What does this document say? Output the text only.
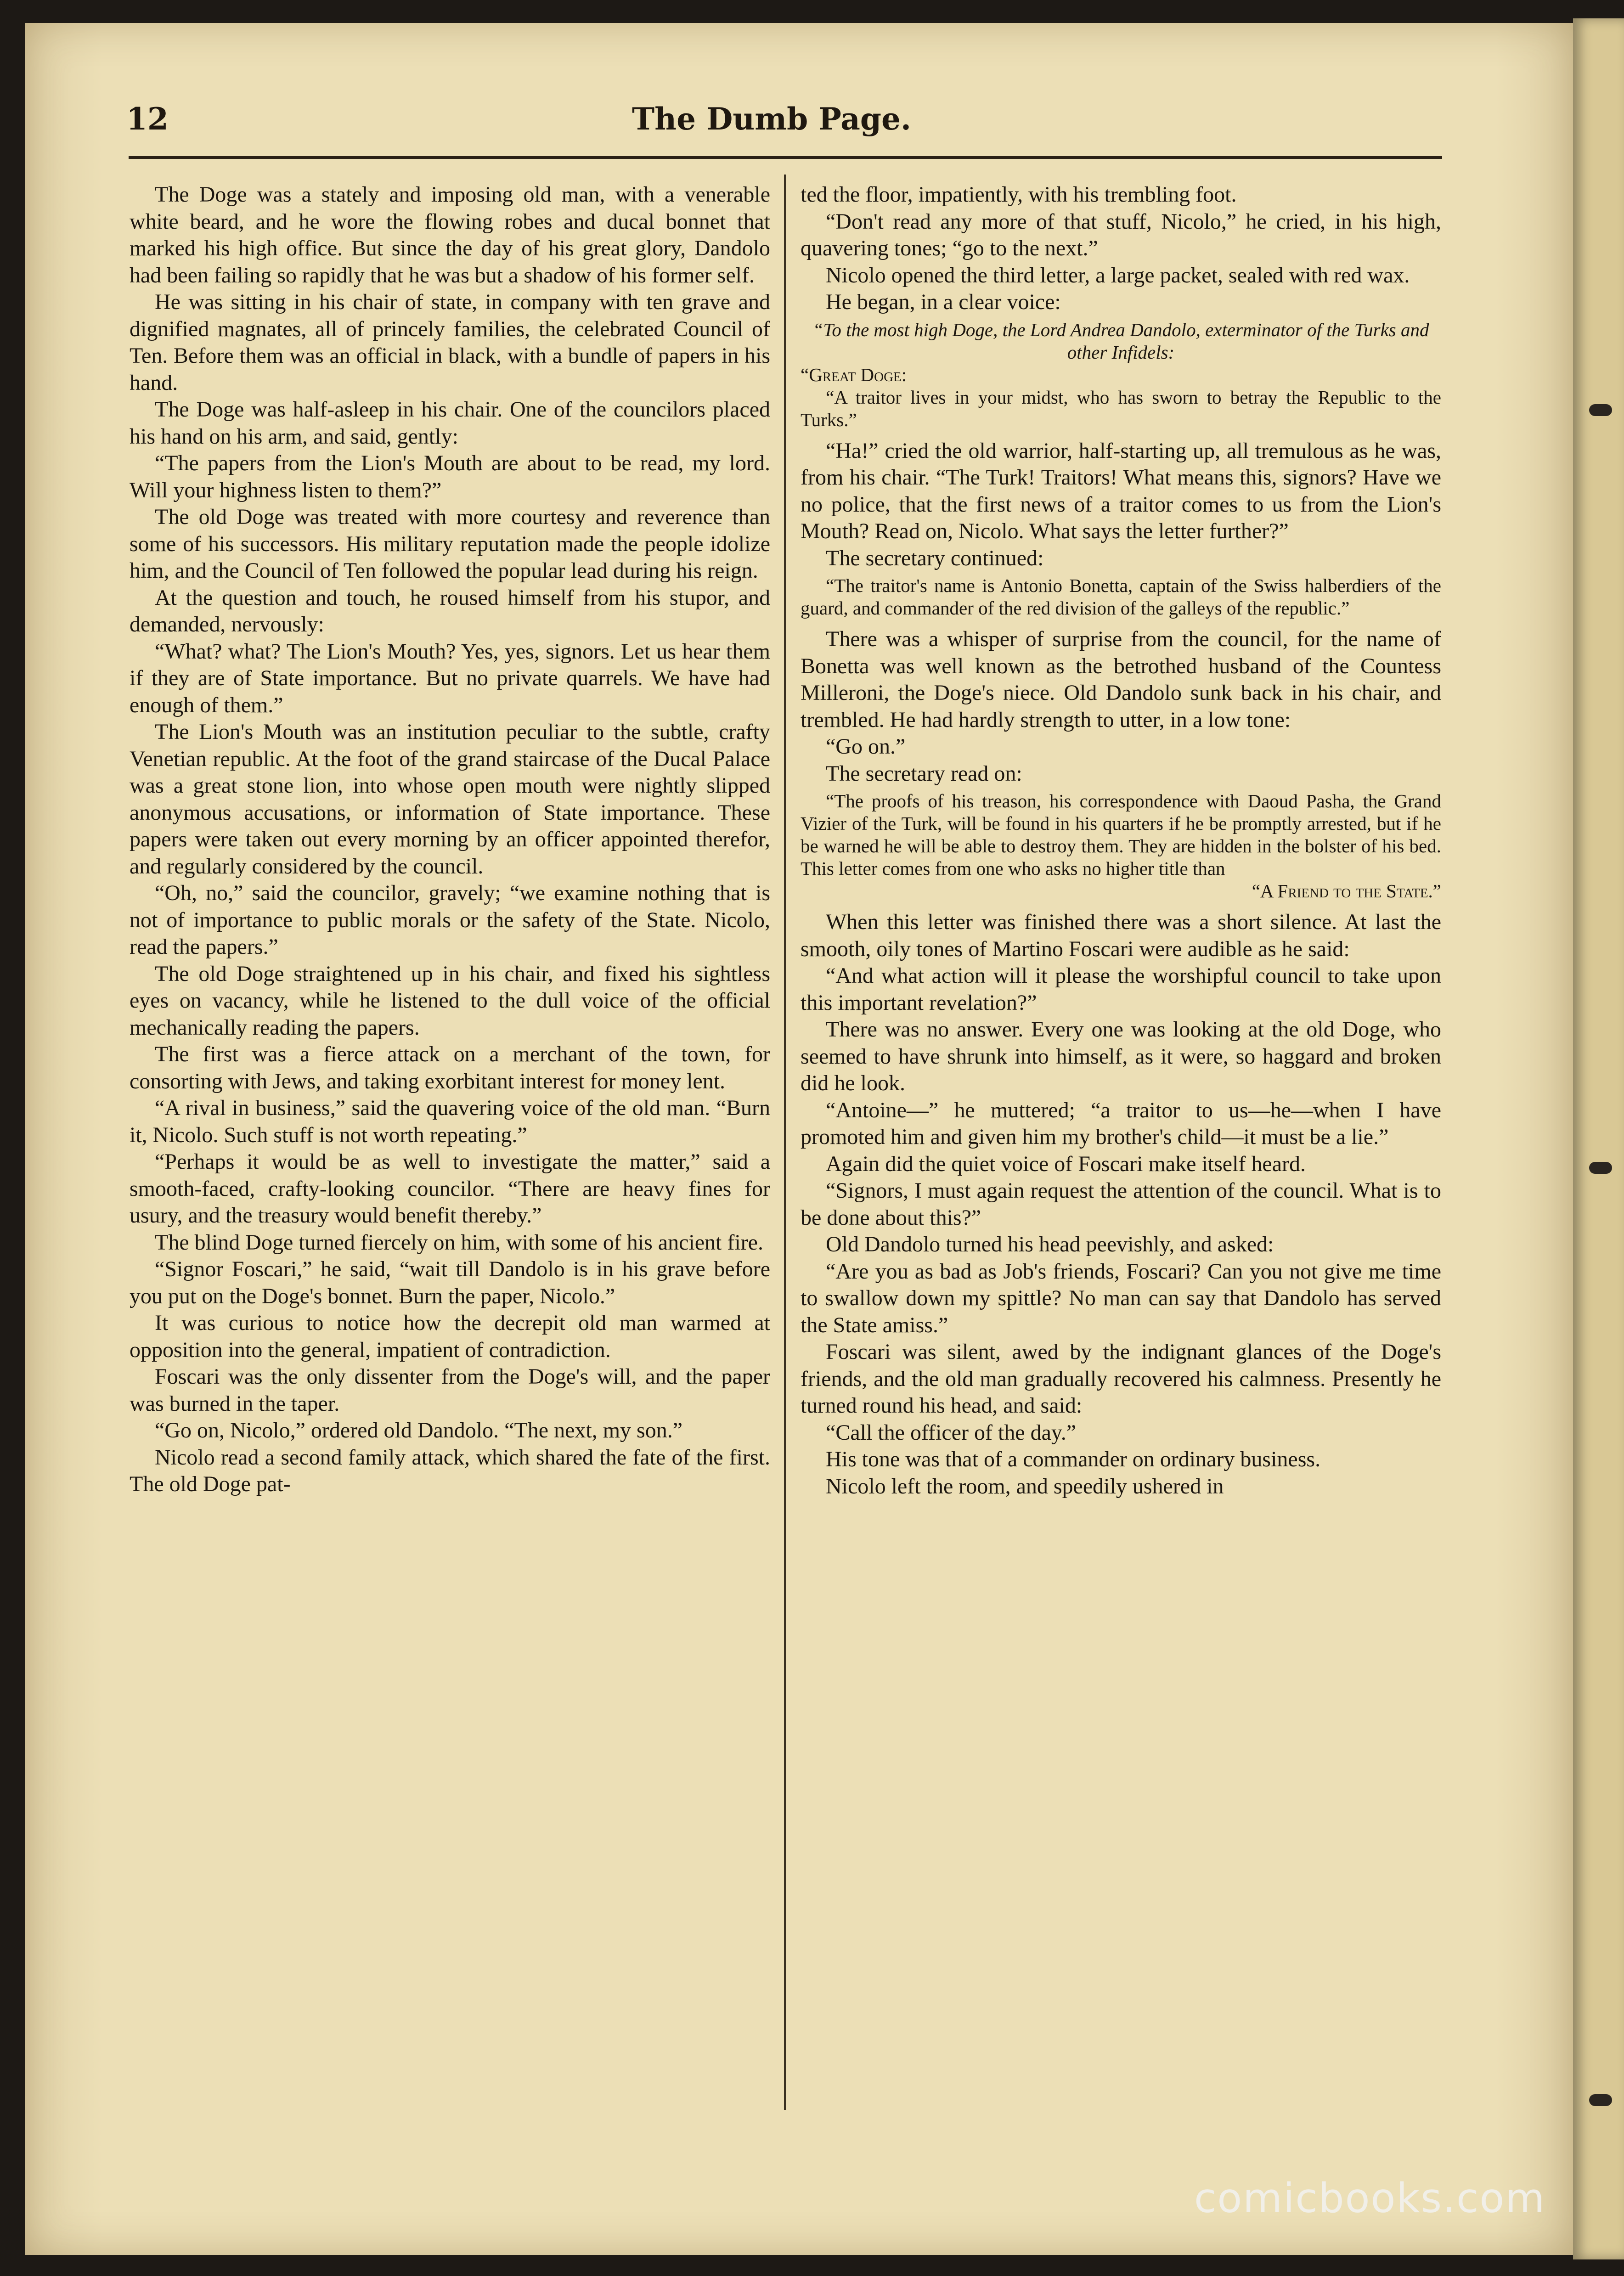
12	The Dumb Page.

The Doge was a stately and imposing old man, with a venerable white beard, and he wore the flowing robes and ducal bonnet that marked his high office. But since the day of his great glory, Dandolo had been failing so rapidly that he was but a shadow of his former self.

He was sitting in his chair of state, in company with ten grave and dignified magnates, all of princely families, the celebrated Council of Ten. Before them was an official in black, with a bundle of papers in his hand.

The Doge was half-asleep in his chair. One of the councilors placed his hand on his arm, and said, gently:

“The papers from the Lion's Mouth are about to be read, my lord. Will your highness listen to them?”

The old Doge was treated with more courtesy and reverence than some of his successors. His military reputation made the people idolize him, and the Council of Ten followed the popular lead during his reign.

At the question and touch, he roused himself from his stupor, and demanded, nervously:

“What? what? The Lion's Mouth? Yes, yes, signors. Let us hear them if they are of State importance. But no private quarrels. We have had enough of them.”

The Lion's Mouth was an institution peculiar to the subtle, crafty Venetian republic. At the foot of the grand staircase of the Ducal Palace was a great stone lion, into whose open mouth were nightly slipped anonymous accusations, or information of State importance. These papers were taken out every morning by an officer appointed therefor, and regularly considered by the council.

“Oh, no,” said the councilor, gravely; “we examine nothing that is not of importance to public morals or the safety of the State. Nicolo, read the papers.”

The old Doge straightened up in his chair, and fixed his sightless eyes on vacancy, while he listened to the dull voice of the official mechanically reading the papers.

The first was a fierce attack on a merchant of the town, for consorting with Jews, and taking exorbitant interest for money lent.

“A rival in business,” said the quavering voice of the old man. “Burn it, Nicolo. Such stuff is not worth repeating.”

“Perhaps it would be as well to investigate the matter,” said a smooth-faced, crafty-looking councilor. “There are heavy fines for usury, and the treasury would benefit thereby.”

The blind Doge turned fiercely on him, with some of his ancient fire.

“Signor Foscari,” he said, “wait till Dandolo is in his grave before you put on the Doge's bonnet. Burn the paper, Nicolo.”

It was curious to notice how the decrepit old man warmed at opposition into the general, impatient of contradiction.

Foscari was the only dissenter from the Doge's will, and the paper was burned in the taper.

“Go on, Nicolo,” ordered old Dandolo. “The next, my son.”

Nicolo read a second family attack, which shared the fate of the first. The old Doge pat-

ted the floor, impatiently, with his trembling foot.

“Don't read any more of that stuff, Nicolo,” he cried, in his high, quavering tones; “go to the next.”

Nicolo opened the third letter, a large packet, sealed with red wax.

He began, in a clear voice:

“To the most high Doge, the Lord Andrea Dandolo, exterminator of the Turks and other Infidels:

“Great Doge:

“A traitor lives in your midst, who has sworn to betray the Republic to the Turks.”

“Ha!” cried the old warrior, half-starting up, all tremulous as he was, from his chair. “The Turk! Traitors! What means this, signors? Have we no police, that the first news of a traitor comes to us from the Lion's Mouth? Read on, Nicolo. What says the letter further?”

The secretary continued:

“The traitor's name is Antonio Bonetta, captain of the Swiss halberdiers of the guard, and commander of the red division of the galleys of the republic.”

There was a whisper of surprise from the council, for the name of Bonetta was well known as the betrothed husband of the Countess Milleroni, the Doge's niece. Old Dandolo sunk back in his chair, and trembled. He had hardly strength to utter, in a low tone:

“Go on.”

The secretary read on:

“The proofs of his treason, his correspondence with Daoud Pasha, the Grand Vizier of the Turk, will be found in his quarters if he be promptly arrested, but if he be warned he will be able to destroy them. They are hidden in the bolster of his bed. This letter comes from one who asks no higher title than

“A Friend to the State.”

When this letter was finished there was a short silence. At last the smooth, oily tones of Martino Foscari were audible as he said:

“And what action will it please the worshipful council to take upon this important revelation?”

There was no answer. Every one was looking at the old Doge, who seemed to have shrunk into himself, as it were, so haggard and broken did he look.

“Antoine—” he muttered; “a traitor to us—he—when I have promoted him and given him my brother's child—it must be a lie.”

Again did the quiet voice of Foscari make itself heard.

“Signors, I must again request the attention of the council. What is to be done about this?”

Old Dandolo turned his head peevishly, and asked:

“Are you as bad as Job's friends, Foscari? Can you not give me time to swallow down my spittle? No man can say that Dandolo has served the State amiss.”

Foscari was silent, awed by the indignant glances of the Doge's friends, and the old man gradually recovered his calmness. Presently he turned round his head, and said:

“Call the officer of the day.”

His tone was that of a commander on ordinary business.

Nicolo left the room, and speedily ushered in

comicbooks.com
